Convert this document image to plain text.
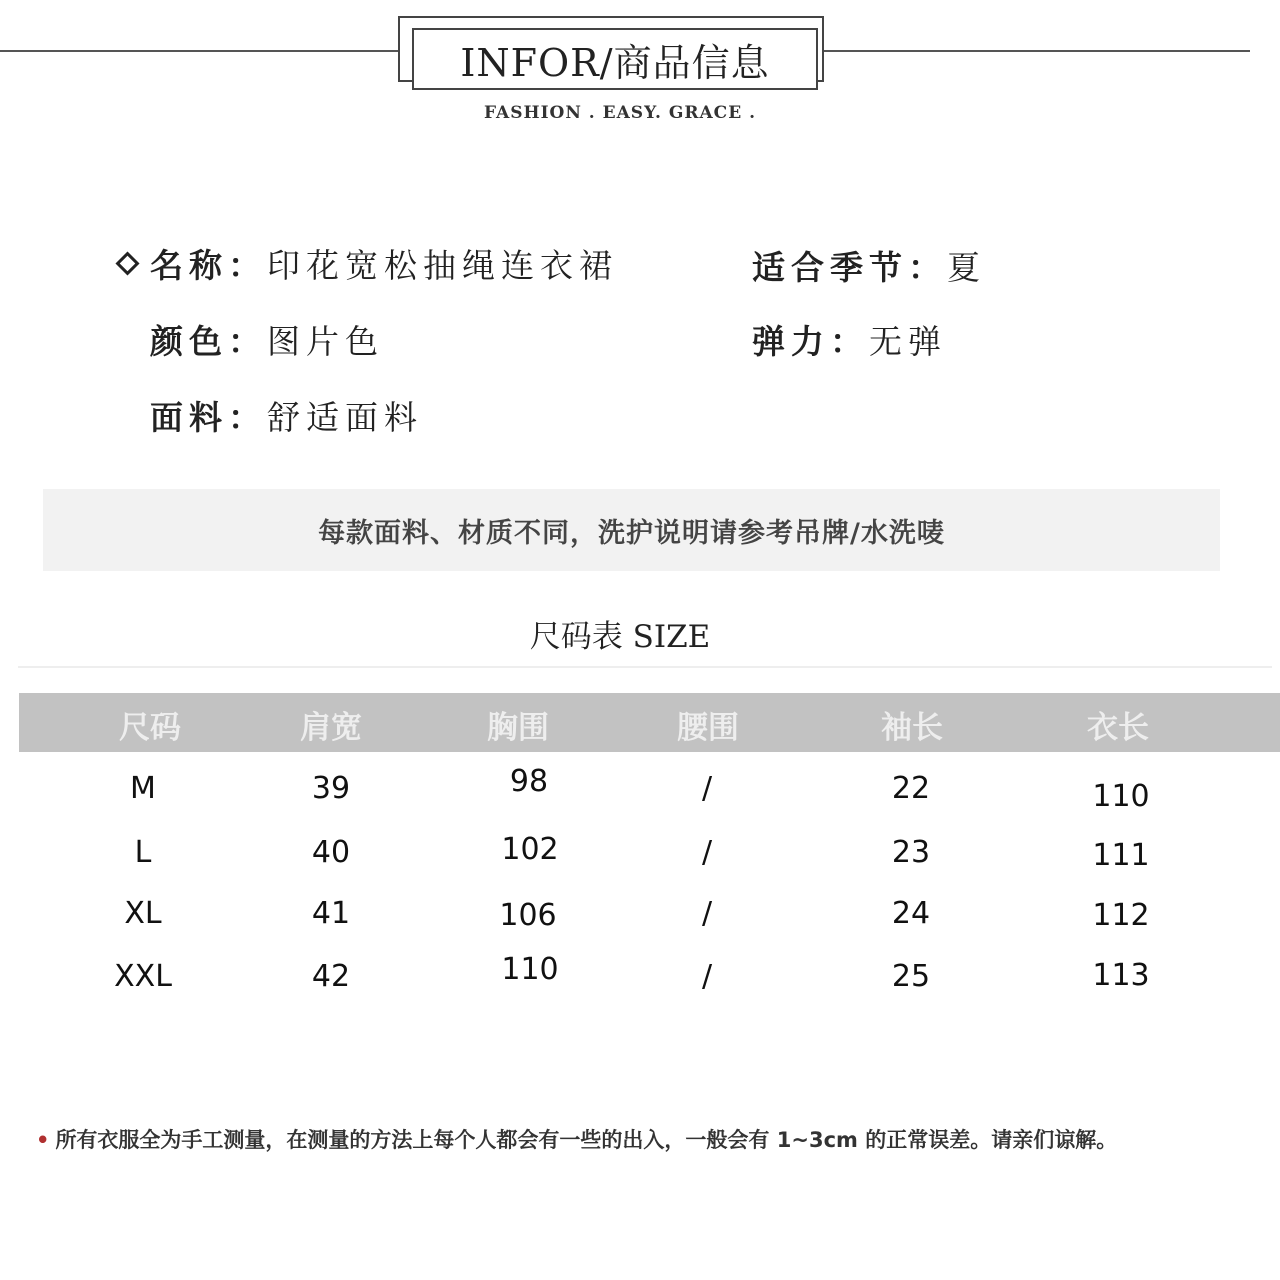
INFOR/商品信息
FASHION . EASY. GRACE .
名称：印花宽松抽绳连衣裙	适合季节：夏
颜色：图片色	弹力：无弹
面料：舒适面料
每款面料、材质不同，洗护说明请参考吊牌/水洗唛
尺码表 SIZE
尺码	肩宽	胸围	腰围	袖长	衣长
M	39	98	/	22	110
L	40	102	/	23	111
XL	41	106	/	24	112
XXL	42	110	/	25	113
• 所有衣服全为手工测量，在测量的方法上每个人都会有一些的出入，一般会有 1~3cm 的正常误差。请亲们谅解。
